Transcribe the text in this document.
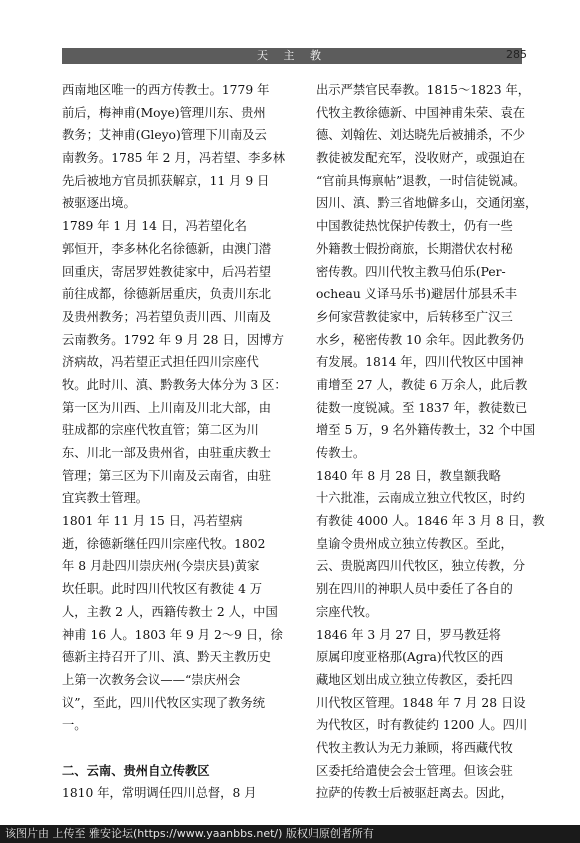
天 主 教	285
西南地区唯一的西方传教士。1779 年
前后，梅神甫(Moye)管理川东、贵州
教务；艾神甫(Gleyo)管理下川南及云
南教务。1785 年 2 月，冯若望、李多林
先后被地方官员抓获解京，11 月 9 日
被驱逐出境。
1789 年 1 月 14 日，冯若望化名
郭恒开，李多林化名徐德新，由澳门潜
回重庆，寄居罗姓教徒家中，后冯若望
前往成都，徐德新居重庆，负责川东北
及贵州教务；冯若望负责川西、川南及
云南教务。1792 年 9 月 28 日，因博方
济病故，冯若望正式担任四川宗座代
牧。此时川、滇、黔教务大体分为 3 区：
第一区为川西、上川南及川北大部，由
驻成都的宗座代牧直管；第二区为川
东、川北一部及贵州省，由驻重庆教士
管理；第三区为下川南及云南省，由驻
宜宾教士管理。
1801 年 11 月 15 日，冯若望病
逝，徐德新继任四川宗座代牧。1802
年 8 月赴四川崇庆州(今崇庆县)黄家
坎任职。此时四川代牧区有教徒 4 万
人，主教 2 人，西籍传教士 2 人，中国
神甫 16 人。1803 年 9 月 2～9 日，徐
德新主持召开了川、滇、黔天主教历史
上第一次教务会议——“崇庆州会
议”，至此，四川代牧区实现了教务统
一。
二、云南、贵州自立传教区
1810 年，常明调任四川总督，8 月
出示严禁官民奉教。1815～1823 年，
代牧主教徐德新、中国神甫朱荣、袁在
德、刘翰佐、刘达晓先后被捕杀，不少
教徒被发配充军，没收财产，或强迫在
“官前具悔禀帖”退教，一时信徒锐减。
因川、滇、黔三省地僻多山，交通闭塞，
中国教徒热忱保护传教士，仍有一些
外籍教士假扮商旅，长期潜伏农村秘
密传教。四川代牧主教马伯乐(Per-
ocheau 义译马乐书)避居什邡县禾丰
乡何家营教徒家中，后转移至广汉三
水乡，秘密传教 10 余年。因此教务仍
有发展。1814 年，四川代牧区中国神
甫增至 27 人，教徒 6 万余人，此后教
徒数一度锐减。至 1837 年，教徒数已
增至 5 万，9 名外籍传教士，32 个中国
传教士。
1840 年 8 月 28 日，教皇额我略
十六批准，云南成立独立代牧区，时约
有教徒 4000 人。1846 年 3 月 8 日，教
皇谕令贵州成立独立传教区。至此，
云、贵脱离四川代牧区，独立传教，分
别在四川的神职人员中委任了各自的
宗座代牧。
1846 年 3 月 27 日，罗马教廷将
原属印度亚格那(Agra)代牧区的西
藏地区划出成立独立传教区，委托四
川代牧区管理。1848 年 7 月 28 日设
为代牧区，时有教徒约 1200 人。四川
代牧主教认为无力兼顾，将西藏代牧
区委托给遣使会会士管理。但该会驻
拉萨的传教士后被驱赶离去。因此，
该图片由 上传至 雅安论坛(https://www.yaanbbs.net/) 版权归原创者所有
